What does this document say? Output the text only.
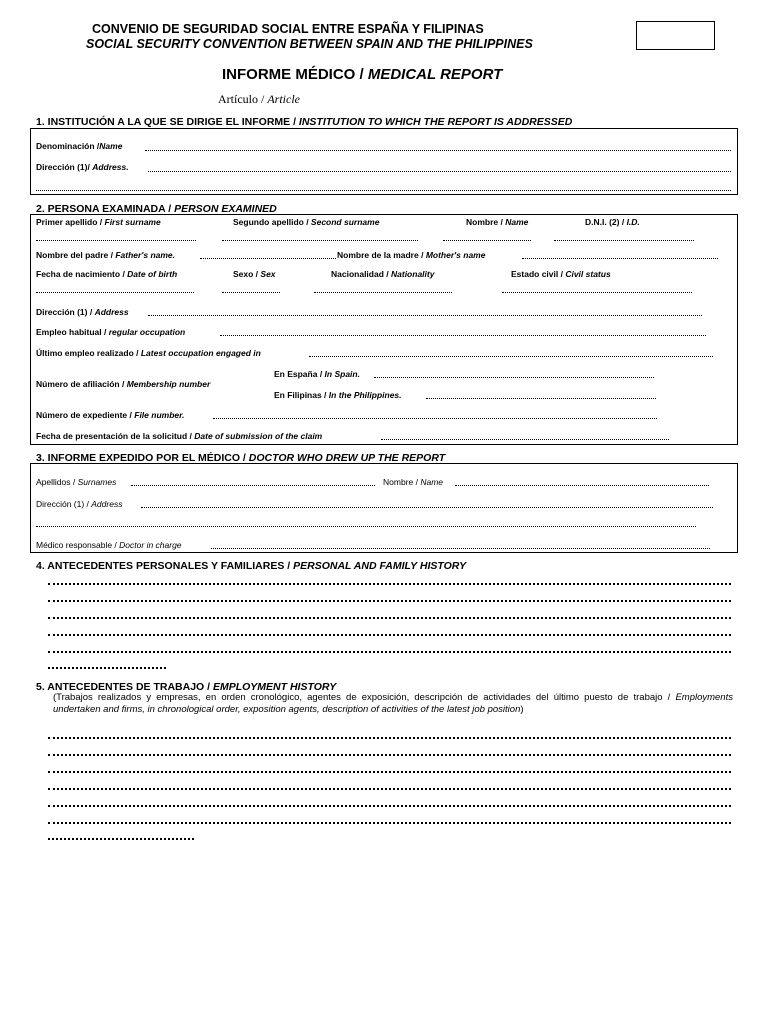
CONVENIO DE SEGURIDAD SOCIAL ENTRE ESPAÑA Y FILIPINAS
SOCIAL SECURITY CONVENTION BETWEEN SPAIN AND THE PHILIPPINES
INFORME MÉDICO / MEDICAL REPORT
Artículo / Article
1. INSTITUCIÓN A LA QUE SE DIRIGE EL INFORME / INSTITUTION TO WHICH THE REPORT IS ADDRESSED
Denominación /Name
Dirección (1)/ Address.
2. PERSONA EXAMINADA / PERSON EXAMINED
Primer apellido / First surname	Segundo apellido / Second surname	Nombre / Name	D.N.I. (2) / I.D.
Nombre del padre / Father's name.	Nombre de la madre / Mother's name
Fecha de nacimiento / Date of birth	Sexo / Sex	Nacionalidad / Nationality	Estado civil / Civil status
Dirección (1) / Address
Empleo habitual / regular occupation
Último empleo realizado / Latest occupation engaged in
En España / In Spain.
Número de afiliación / Membership number
En Filipinas / In the Philippines.
Número de expediente / File number.
Fecha de presentación de la solicitud / Date of submission of the claim
3. INFORME EXPEDIDO POR EL MÉDICO / DOCTOR WHO DREW UP THE REPORT
Apellidos / Surnames	Nombre / Name
Dirección (1) / Address
Médico responsable / Doctor in charge
4. ANTECEDENTES PERSONALES Y FAMILIARES / PERSONAL AND FAMILY HISTORY
5. ANTECEDENTES DE TRABAJO / EMPLOYMENT HISTORY
(Trabajos realizados y empresas, en orden cronológico, agentes de exposición, descripción de actividades del último puesto de trabajo / Employments undertaken and firms, in chronological order, exposition agents, description of activities of the latest job position)
